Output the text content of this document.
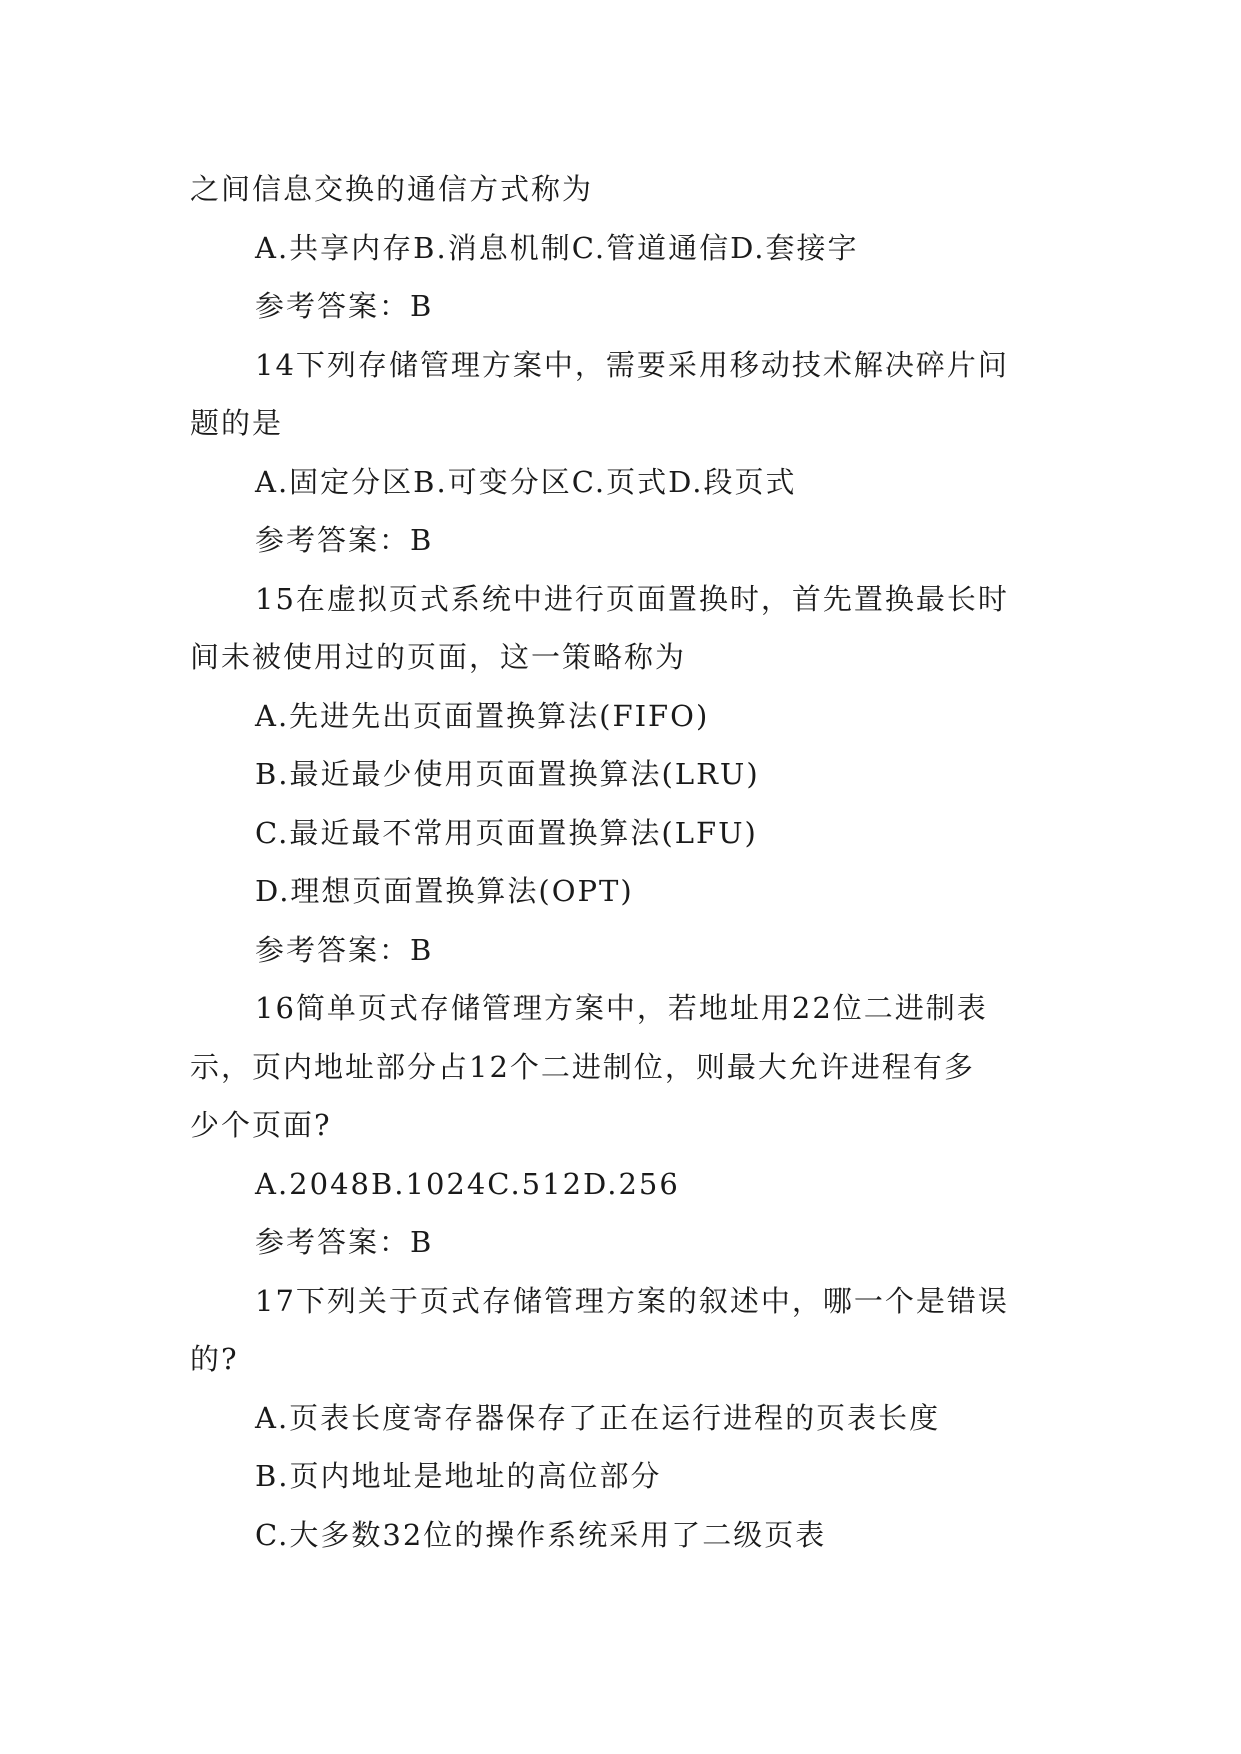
之间信息交换的通信方式称为
A.共享内存B.消息机制C.管道通信D.套接字
参考答案：B
14下列存储管理方案中，需要采用移动技术解决碎片问
题的是
A.固定分区B.可变分区C.页式D.段页式
参考答案：B
15在虚拟页式系统中进行页面置换时，首先置换最长时
间未被使用过的页面，这一策略称为
A.先进先出页面置换算法(FIFO)
B.最近最少使用页面置换算法(LRU)
C.最近最不常用页面置换算法(LFU)
D.理想页面置换算法(OPT)
参考答案：B
16简单页式存储管理方案中，若地址用22位二进制表
示，页内地址部分占12个二进制位，则最大允许进程有多
少个页面?
A.2048B.1024C.512D.256
参考答案：B
17下列关于页式存储管理方案的叙述中，哪一个是错误
的?
A.页表长度寄存器保存了正在运行进程的页表长度
B.页内地址是地址的高位部分
C.大多数32位的操作系统采用了二级页表
